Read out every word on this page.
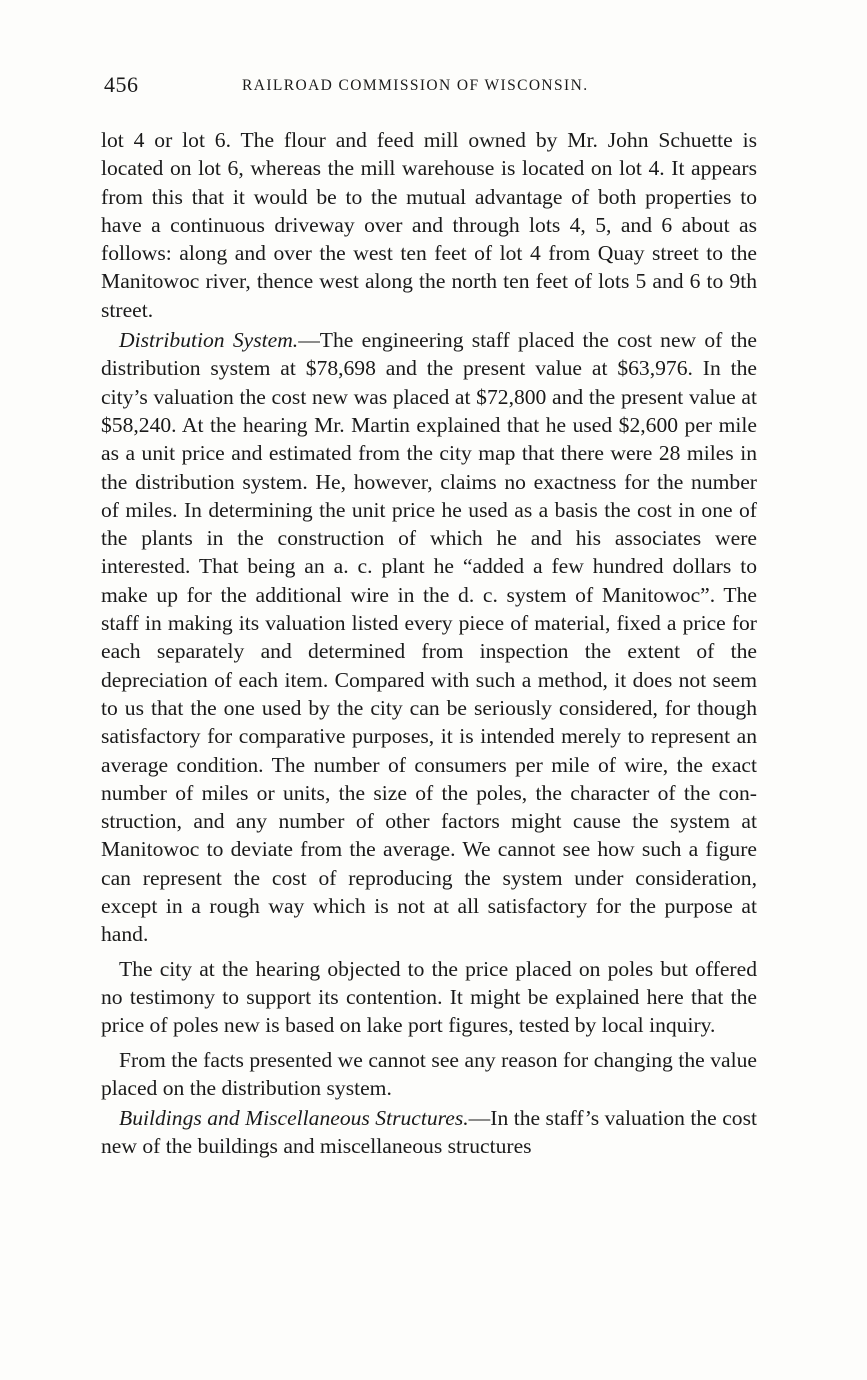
456	RAILROAD COMMISSION OF WISCONSIN.

lot 4 or lot 6. The flour and feed mill owned by Mr. John Schuette is located on lot 6, whereas the mill warehouse is located on lot 4. It appears from this that it would be to the mutual advantage of both properties to have a continuous driveway over and through lots 4, 5, and 6 about as follows: along and over the west ten feet of lot 4 from Quay street to the Manitowoc river, thence west along the north ten feet of lots 5 and 6 to 9th street.

Distribution System.—The engineering staff placed the cost new of the distribution system at $78,698 and the present value at $63,976. In the city’s valuation the cost new was placed at $72,800 and the present value at $58,240. At the hearing Mr. Martin explained that he used $2,600 per mile as a unit price and estimated from the city map that there were 28 miles in the distribution system. He, however, claims no exactness for the number of miles. In determining the unit price he used as a basis the cost in one of the plants in the construction of which he and his associates were interested. That being an a. c. plant he “added a few hundred dollars to make up for the additional wire in the d. c. system of Manitowoc”. The staff in making its valuation listed every piece of material, fixed a price for each separately and determined from inspection the extent of the depreciation of each item. Compared with such a method, it does not seem to us that the one used by the city can be seriously considered, for though satisfactory for comparative purposes, it is intended merely to represent an average condition. The number of consumers per mile of wire, the exact number of miles or units, the size of the poles, the character of the construction, and any number of other factors might cause the system at Manitowoc to deviate from the average. We cannot see how such a figure can represent the cost of reproducing the system under consideration, except in a rough way which is not at all satisfactory for the purpose at hand.

The city at the hearing objected to the price placed on poles but offered no testimony to support its contention. It might be explained here that the price of poles new is based on lake port figures, tested by local inquiry.

From the facts presented we cannot see any reason for changing the value placed on the distribution system.

Buildings and Miscellaneous Structures.—In the staff’s valuation the cost new of the buildings and miscellaneous structures
